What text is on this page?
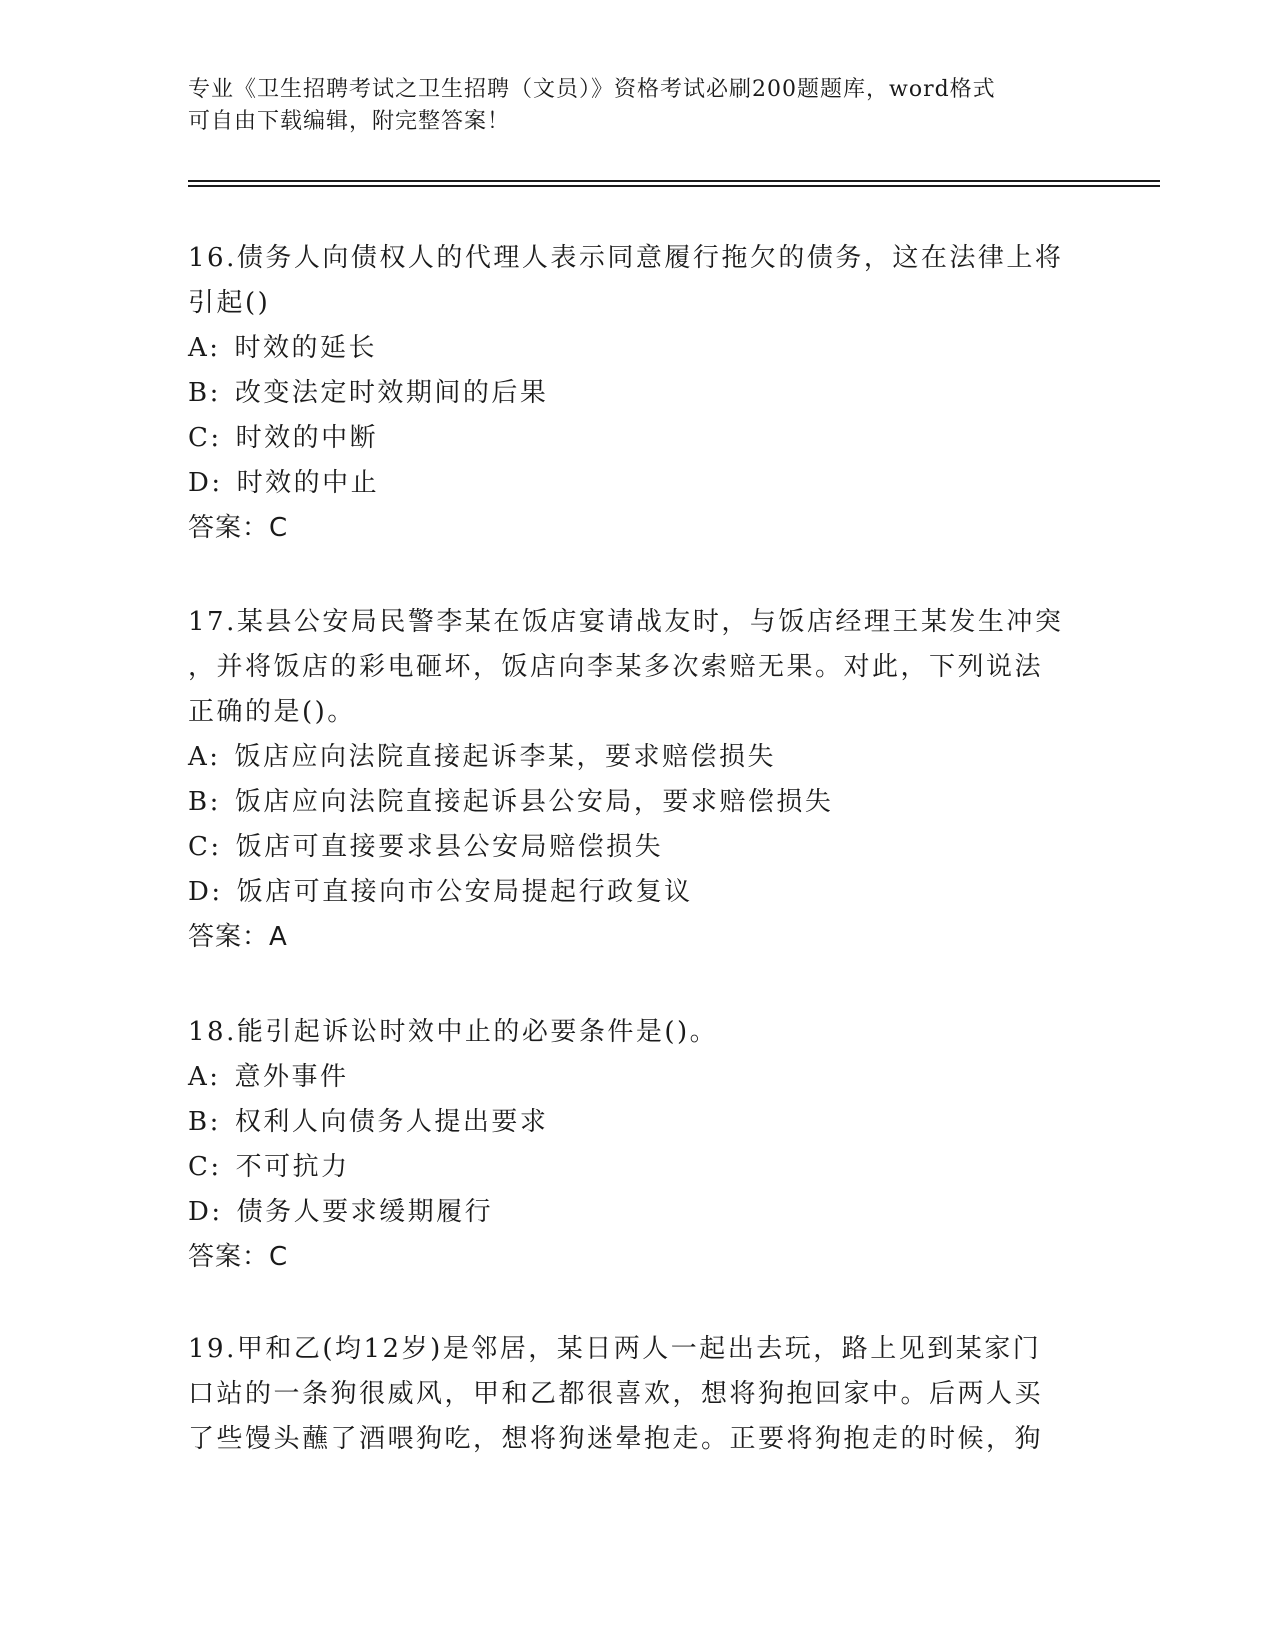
专业《卫生招聘考试之卫生招聘（文员）》资格考试必刷200题题库，word格式
可自由下载编辑，附完整答案！

16.债务人向债权人的代理人表示同意履行拖欠的债务，这在法律上将

引起()

A: 时效的延长

B: 改变法定时效期间的后果

C: 时效的中断

D: 时效的中止

答案：C

17.某县公安局民警李某在饭店宴请战友时，与饭店经理王某发生冲突

，并将饭店的彩电砸坏，饭店向李某多次索赔无果。对此，下列说法

正确的是()。

A: 饭店应向法院直接起诉李某，要求赔偿损失

B: 饭店应向法院直接起诉县公安局，要求赔偿损失

C: 饭店可直接要求县公安局赔偿损失

D: 饭店可直接向市公安局提起行政复议

答案：A

18.能引起诉讼时效中止的必要条件是()。

A: 意外事件

B: 权利人向债务人提出要求

C: 不可抗力

D: 债务人要求缓期履行

答案：C

19.甲和乙(均12岁)是邻居，某日两人一起出去玩，路上见到某家门

口站的一条狗很威风，甲和乙都很喜欢，想将狗抱回家中。后两人买

了些馒头蘸了酒喂狗吃，想将狗迷晕抱走。正要将狗抱走的时候，狗
